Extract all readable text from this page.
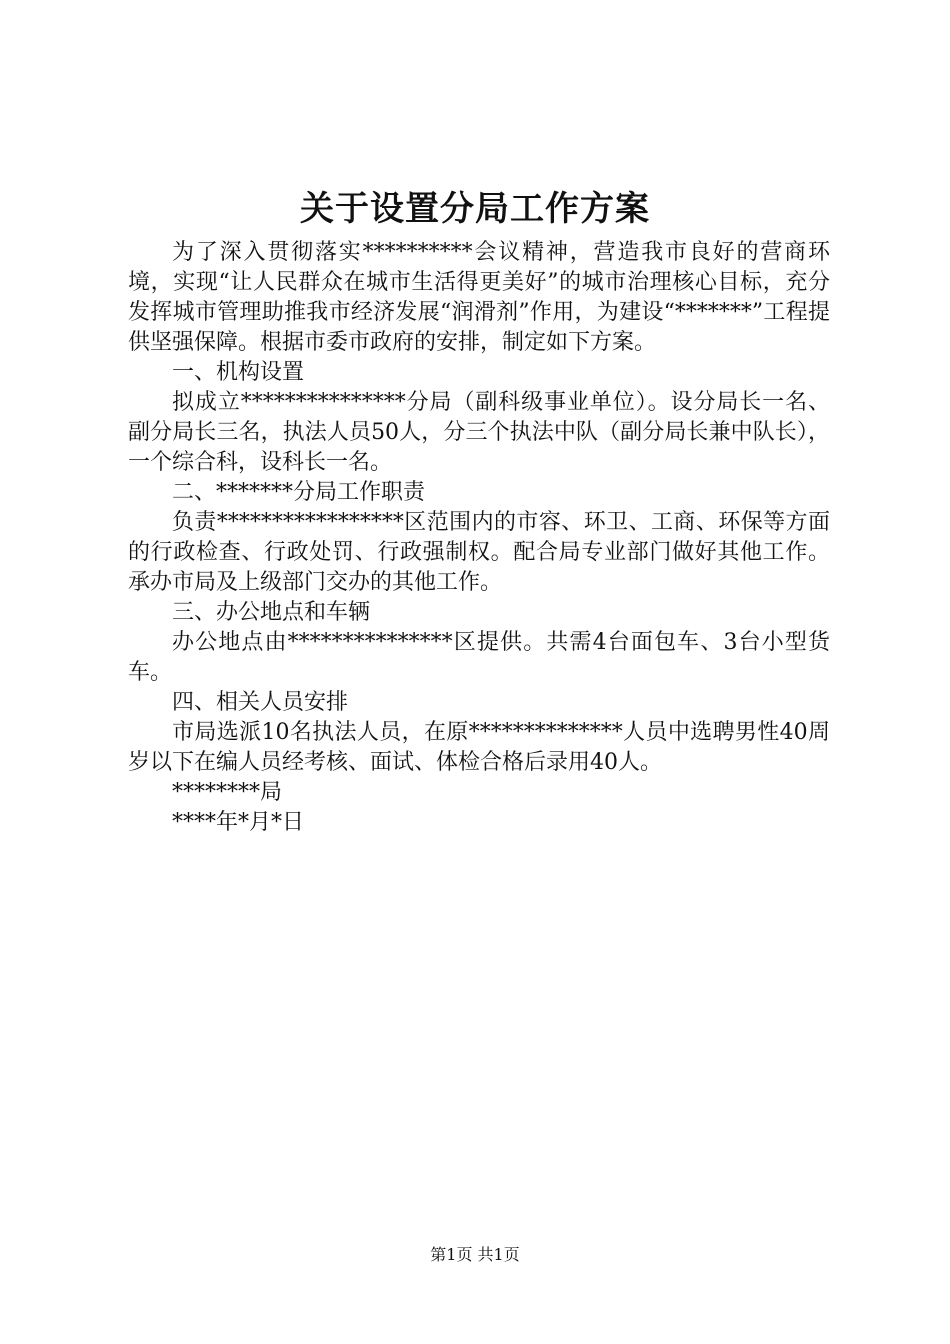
关于设置分局工作方案

为了深入贯彻落实**********会议精神，营造我市良好的营商环境，实现“让人民群众在城市生活得更美好”的城市治理核心目标，充分发挥城市管理助推我市经济发展“润滑剂”作用，为建设“*******”工程提供坚强保障。根据市委市政府的安排，制定如下方案。

一、机构设置

拟成立***************分局（副科级事业单位）。设分局长一名、副分局长三名，执法人员50人，分三个执法中队（副分局长兼中队长），一个综合科，设科长一名。

二、*******分局工作职责

负责*****************区范围内的市容、环卫、工商、环保等方面的行政检查、行政处罚、行政强制权。配合局专业部门做好其他工作。承办市局及上级部门交办的其他工作。

三、办公地点和车辆

办公地点由***************区提供。共需4台面包车、3台小型货车。

四、相关人员安排

市局选派10名执法人员，在原**************人员中选聘男性40周岁以下在编人员经考核、面试、体检合格后录用40人。

********局

****年*月*日

第1页 共1页
